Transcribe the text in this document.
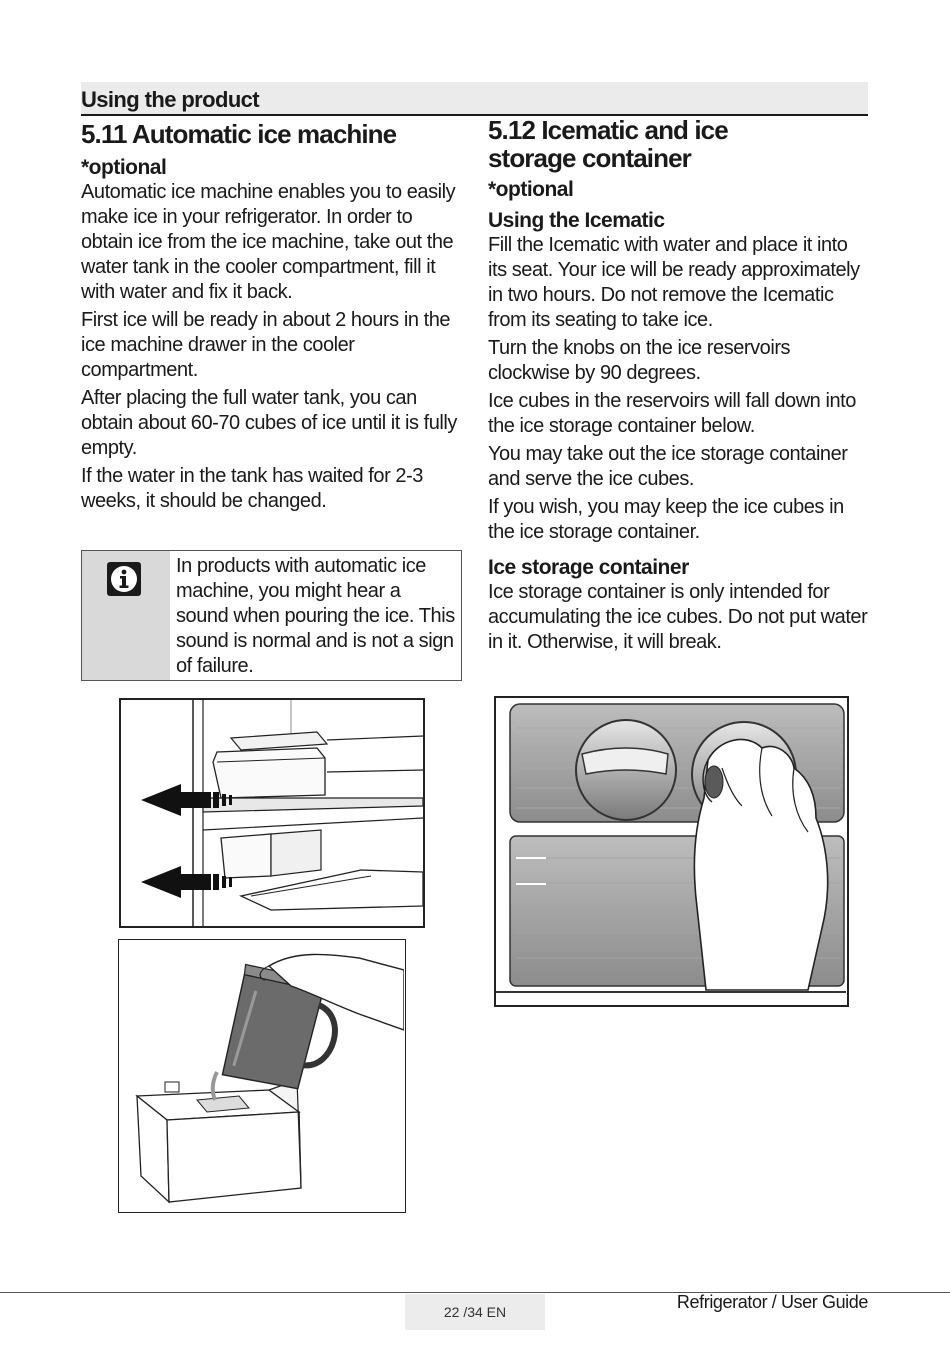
Using the product
5.11 Automatic ice machine

*optional

Automatic ice machine enables you to easily make ice in your refrigerator. In order to obtain ice from the ice machine, take out the water tank in the cooler compartment, fill it with water and fix it back.

First ice will be ready in about 2 hours in the ice machine drawer in the cooler compartment.

After placing the full water tank, you can obtain about 60-70 cubes of ice until it is fully empty.

If the water in the tank has waited for 2-3 weeks, it should be changed.

In products with automatic ice machine, you might hear a sound when pouring the ice. This sound is normal and is not a sign of failure.
5.12 Icematic and ice
storage container

*optional

Using the Icematic

Fill the Icematic with water and place it into its seat. Your ice will be ready approximately in two hours. Do not remove the Icematic from its seating to take ice.

Turn the knobs on the ice reservoirs clockwise by 90 degrees.

Ice cubes in the reservoirs will fall down into the ice storage container below.

You may take out the ice storage container and serve the ice cubes.

If you wish, you may keep the ice cubes in the ice storage container.

Ice storage container

Ice storage container is only intended for accumulating the ice cubes. Do not put water in it. Otherwise, it will break.

22 /34 EN	Refrigerator / User Guide
